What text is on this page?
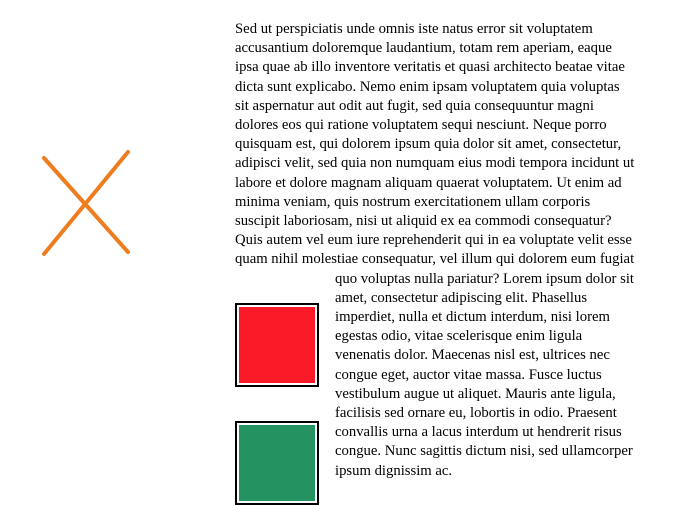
Sed ut perspiciatis unde omnis iste natus error sit voluptatem accusantium doloremque laudantium, totam rem aperiam, eaque ipsa quae ab illo inventore veritatis et quasi architecto beatae vitae dicta sunt explicabo. Nemo enim ipsam voluptatem quia voluptas sit aspernatur aut odit aut fugit, sed quia consequuntur magni dolores eos qui ratione voluptatem sequi nesciunt. Neque porro quisquam est, qui dolorem ipsum quia dolor sit amet, consectetur, adipisci velit, sed quia non numquam eius modi tempora incidunt ut labore et dolore magnam aliquam quaerat voluptatem. Ut enim ad minima veniam, quis nostrum exercitationem ullam corporis suscipit laboriosam, nisi ut aliquid ex ea commodi consequatur? Quis autem vel eum iure reprehenderit qui in ea voluptate velit esse quam nihil molestiae consequatur, vel illum qui dolorem eum fugiat quo voluptas nulla pariatur? Lorem ipsum dolor sit amet, consectetur adipiscing elit. Phasellus imperdiet, nulla et dictum interdum, nisi lorem egestas odio, vitae scelerisque enim ligula venenatis dolor. Maecenas nisl est, ultrices nec congue eget, auctor vitae massa. Fusce luctus vestibulum augue ut aliquet. Mauris ante ligula, facilisis sed ornare eu, lobortis in odio. Praesent convallis urna a lacus interdum ut hendrerit risus congue. Nunc sagittis dictum nisi, sed ullamcorper ipsum dignissim ac.
